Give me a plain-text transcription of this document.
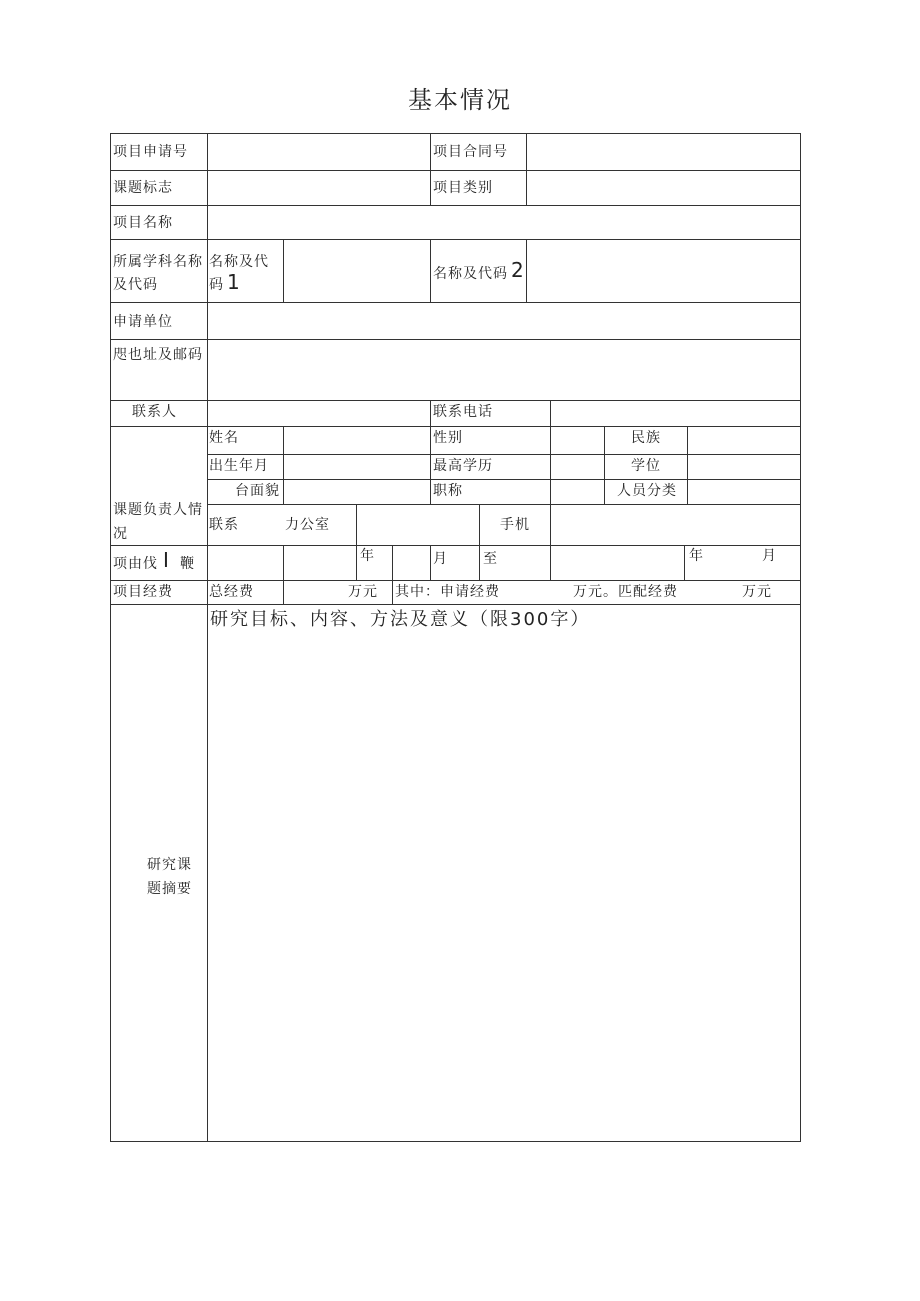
基本情况
项目申请号	项目合同号
课题标志	项目类别
项目名称
所属学科名称
及代码
名称及代
码 1	名称及代码 2
申请单位
咫也址及邮码
联系人	联系电话
姓名	性别	民族
出生年月	最高学历	学位
台面貌	职称	人员分类
课题负责人情
况
联系	力公室	手机
项由伐 I 鞭	年	月	至	年	月
项目经费	总经费	万元 其中：申请经费	万元。匹配经费	万元
研究目标、内容、方法及意义（限300字）
研究课
题摘要
